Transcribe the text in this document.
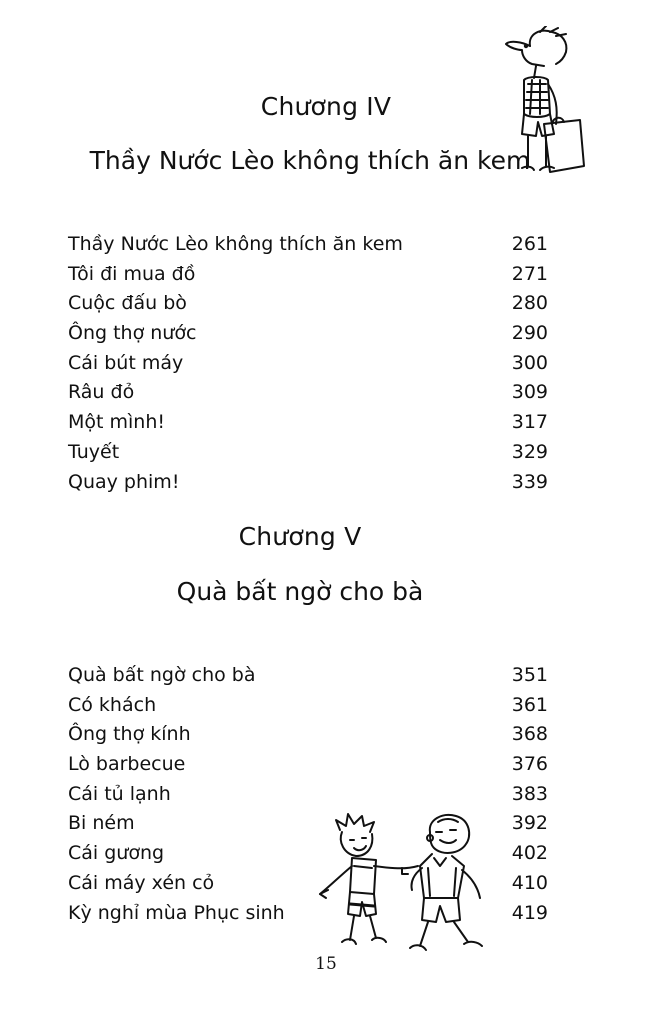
Chương IV
Thầy Nước Lèo không thích ăn kem
Thầy Nước Lèo không thích ăn kem	261
Tôi đi mua đồ	271
Cuộc đấu bò	280
Ông thợ nước	290
Cái bút máy	300
Râu đỏ	309
Một mình!	317
Tuyết	329
Quay phim!	339
Chương V
Quà bất ngờ cho bà
Quà bất ngờ cho bà	351
Có khách	361
Ông thợ kính	368
Lò barbecue	376
Cái tủ lạnh	383
Bi ném	392
Cái gương	402
Cái máy xén cỏ	410
Kỳ nghỉ mùa Phục sinh	419
15
